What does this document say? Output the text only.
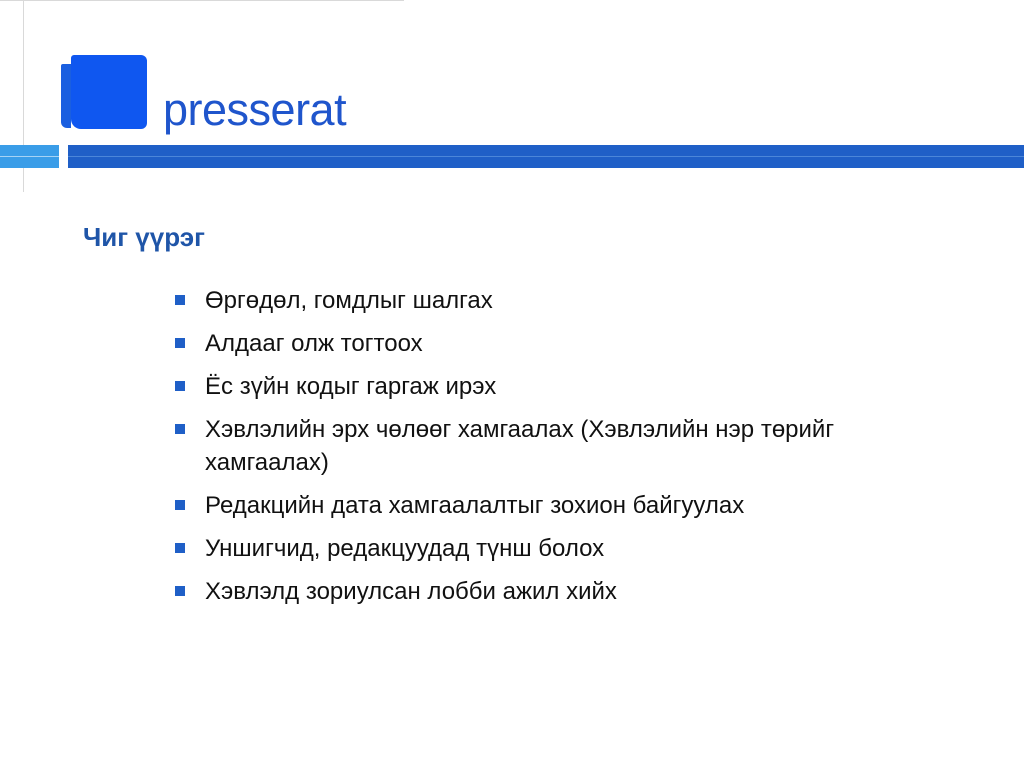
presserat
Чиг үүрэг
Өргөдөл, гомдлыг шалгах
Алдааг олж тогтоох
Ёс зүйн кодыг гаргаж ирэх
Хэвлэлийн эрх чөлөөг хамгаалах (Хэвлэлийн нэр төрийг хамгаалах)
Редакцийн дата хамгаалалтыг зохион байгуулах
Уншигчид, редакцуудад түнш болох
Хэвлэлд зориулсан лобби ажил хийх
